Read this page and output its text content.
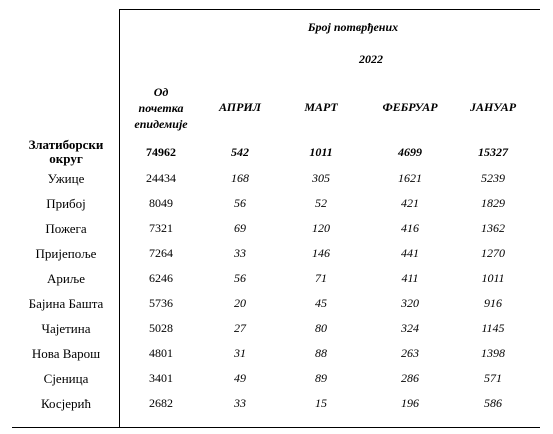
Број потврђених
2022
Од
почетка
епидемије
АПРИЛ	МАРТ	ФЕБРУАР	ЈАНУАР
Златиборски
округ	74962	542	1011	4699	15327
Ужице	24434	168	305	1621	5239
Прибој	8049	56	52	421	1829
Пожега	7321	69	120	416	1362
Пријепоље	7264	33	146	441	1270
Ариље	6246	56	71	411	1011
Бајина Башта	5736	20	45	320	916
Чајетина	5028	27	80	324	1145
Нова Варош	4801	31	88	263	1398
Сјеница	3401	49	89	286	571
Косјерић	2682	33	15	196	586
